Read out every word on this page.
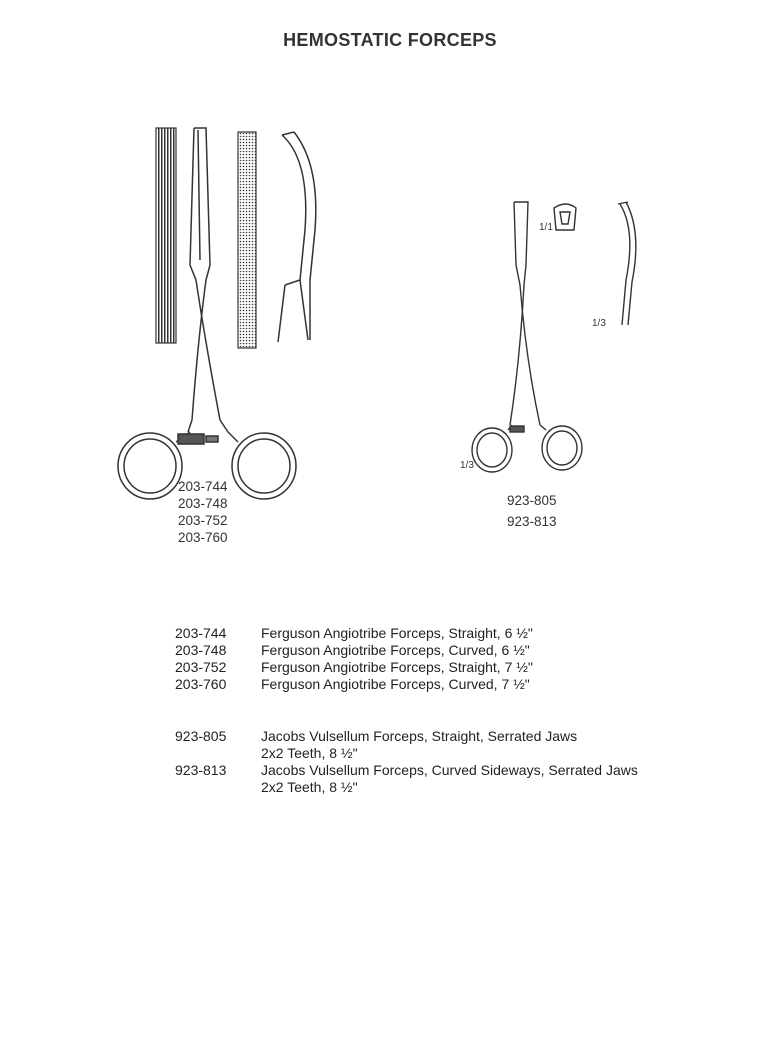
HEMOSTATIC FORCEPS
203-744
203-748
203-752
203-760
1/1
1/3
1/3
923-805
923-813
203-744	Ferguson Angiotribe Forceps, Straight, 6 ½"
203-748	Ferguson Angiotribe Forceps, Curved, 6 ½"
203-752	Ferguson Angiotribe Forceps, Straight, 7 ½"
203-760	Ferguson Angiotribe Forceps, Curved, 7 ½"
923-805	Jacobs Vulsellum Forceps, Straight, Serrated Jaws
2x2 Teeth, 8 ½"
923-813	Jacobs Vulsellum Forceps, Curved Sideways, Serrated Jaws
2x2 Teeth, 8 ½"
